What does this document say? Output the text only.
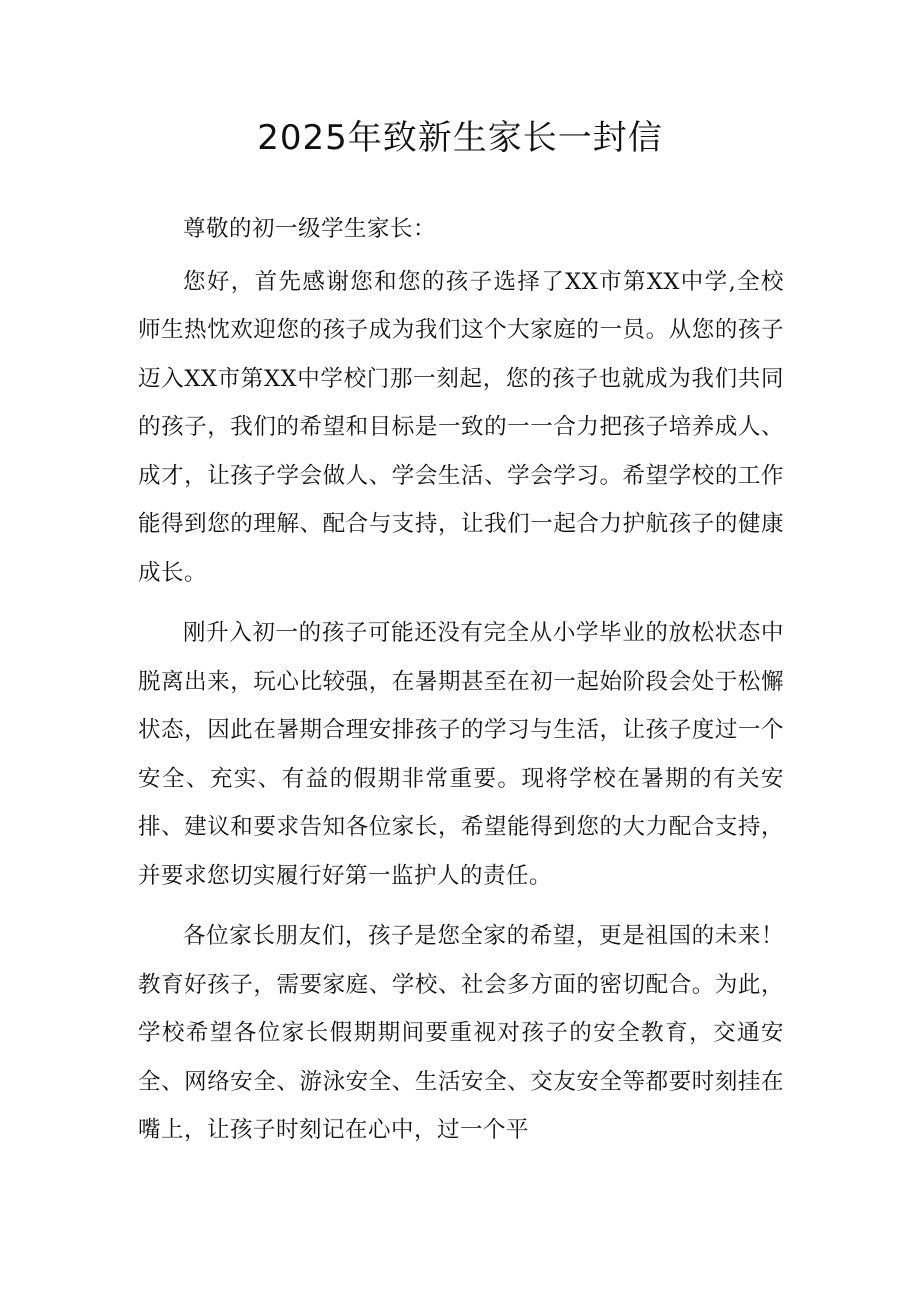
2025年致新生家长一封信

尊敬的初一级学生家长：

您好，首先感谢您和您的孩子选择了XX市第XX中学,全校师生热忱欢迎您的孩子成为我们这个大家庭的一员。从您的孩子迈入XX市第XX中学校门那一刻起，您的孩子也就成为我们共同的孩子，我们的希望和目标是一致的一一合力把孩子培养成人、成才，让孩子学会做人、学会生活、学会学习。希望学校的工作能得到您的理解、配合与支持，让我们一起合力护航孩子的健康成长。

刚升入初一的孩子可能还没有完全从小学毕业的放松状态中脱离出来，玩心比较强，在暑期甚至在初一起始阶段会处于松懈状态，因此在暑期合理安排孩子的学习与生活，让孩子度过一个安全、充实、有益的假期非常重要。现将学校在暑期的有关安排、建议和要求告知各位家长，希望能得到您的大力配合支持，并要求您切实履行好第一监护人的责任。

各位家长朋友们，孩子是您全家的希望，更是祖国的未来！教育好孩子，需要家庭、学校、社会多方面的密切配合。为此，学校希望各位家长假期期间要重视对孩子的安全教育，交通安全、网络安全、游泳安全、生活安全、交友安全等都要时刻挂在嘴上，让孩子时刻记在心中，过一个平
